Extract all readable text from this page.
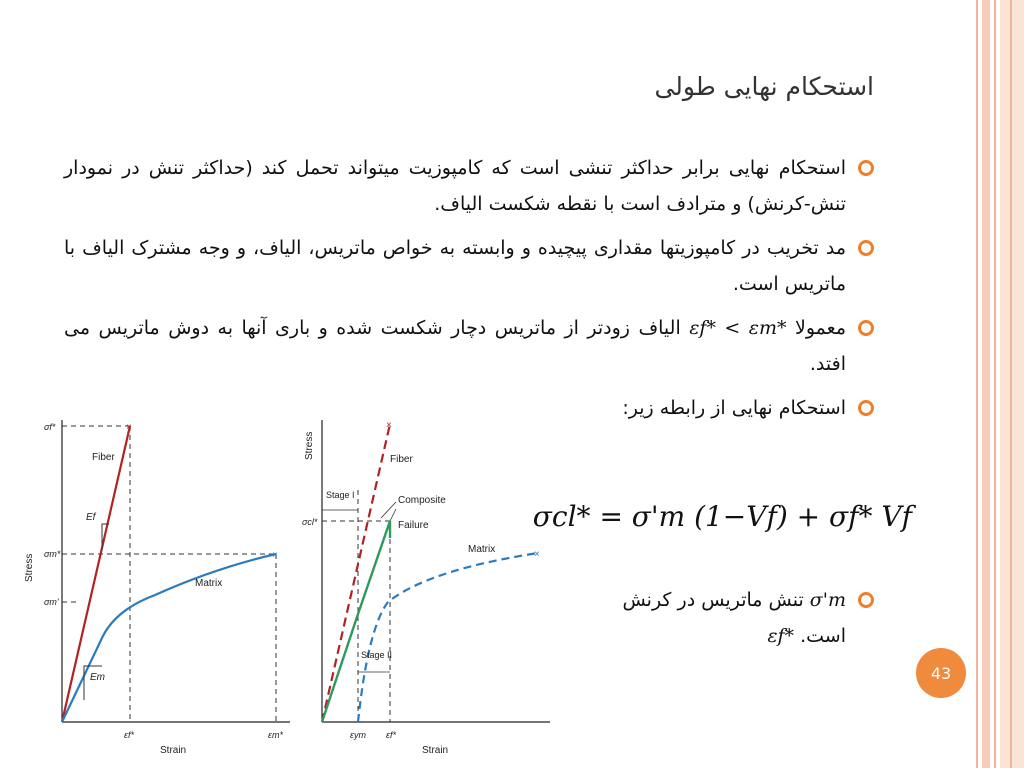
استحکام نهایی طولی
استحکام نهایی برابر حداکثر تنشی است که کامپوزیت میتواند تحمل کند (حداکثر تنش در نمودار تنش-کرنش) و مترادف است با نقطه شکست الیاف.
مد تخریب در کامپوزیتها مقداری پیچیده و وابسته به خواص ماتریس، الیاف، و وجه مشترک الیاف با ماتریس است.
معمولا εf* < εm* الیاف زودتر از ماتریس دچار شکست شده و باری آنها به دوش ماتریس می افتد.
استحکام نهایی از رابطه زیر:
σcl* = σ'm (1−Vf) + σf* Vf
σ'm تنش ماتریس در کرنش
است. εf*
×
×
Fiber
Matrix
Ef
Em
σf*
σm*
σm'
εf*	εm*
Strain
Stress
×
×
Fiber
Composite
Failure
Matrix
Stage I
Stage II
σcl*
εym εf*
Strain
Stress
43
